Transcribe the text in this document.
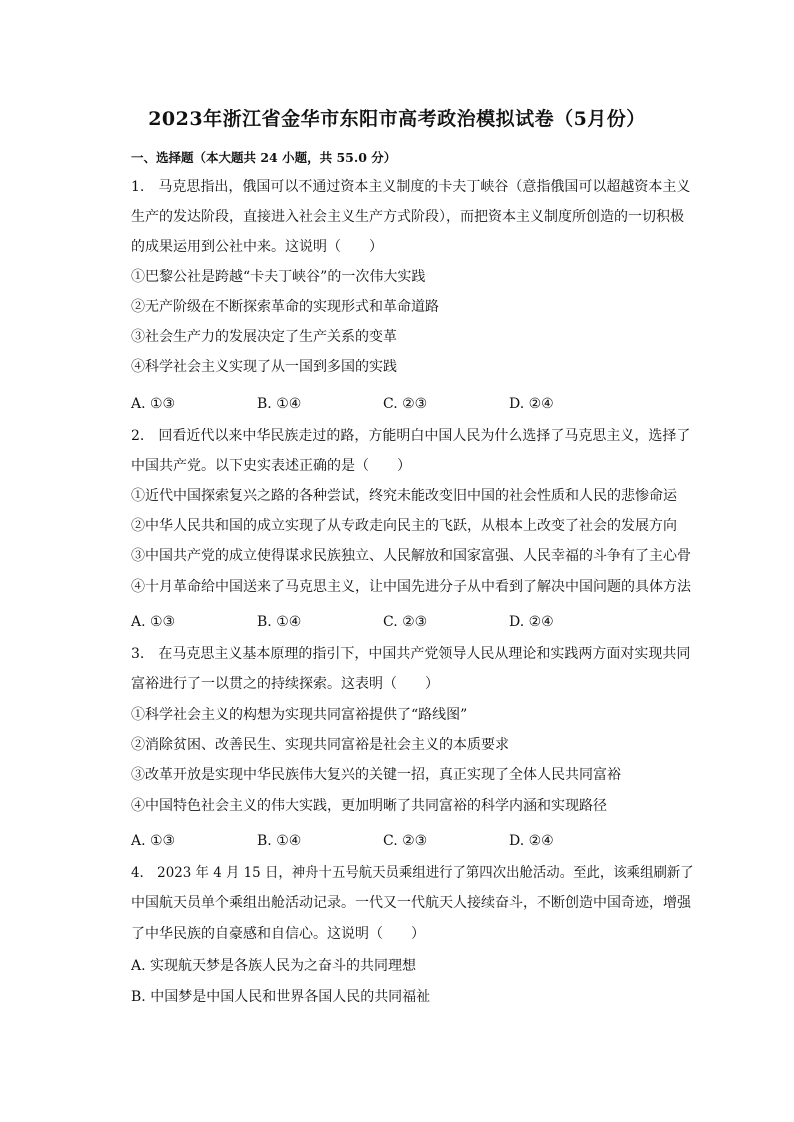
2023年浙江省金华市东阳市高考政治模拟试卷（5月份）
一、选择题（本大题共 24 小题，共 55.0 分）
1.　马克思指出，俄国可以不通过资本主义制度的卡夫丁峡谷（意指俄国可以超越资本主义
生产的发达阶段，直接进入社会主义生产方式阶段），而把资本主义制度所创造的一切积极
的成果运用到公社中来。这说明（　　）
①巴黎公社是跨越“卡夫丁峡谷”的一次伟大实践
②无产阶级在不断探索革命的实现形式和革命道路
③社会生产力的发展决定了生产关系的变革
④科学社会主义实现了从一国到多国的实践
A. ①③	B. ①④	C. ②③	D. ②④
2.　回看近代以来中华民族走过的路，方能明白中国人民为什么选择了马克思主义，选择了
中国共产党。以下史实表述正确的是（　　）
①近代中国探索复兴之路的各种尝试，终究未能改变旧中国的社会性质和人民的悲惨命运
②中华人民共和国的成立实现了从专政走向民主的飞跃，从根本上改变了社会的发展方向
③中国共产党的成立使得谋求民族独立、人民解放和国家富强、人民幸福的斗争有了主心骨
④十月革命给中国送来了马克思主义，让中国先进分子从中看到了解决中国问题的具体方法
A. ①③	B. ①④	C. ②③	D. ②④
3.　在马克思主义基本原理的指引下，中国共产党领导人民从理论和实践两方面对实现共同
富裕进行了一以贯之的持续探索。这表明（　　）
①科学社会主义的构想为实现共同富裕提供了“路线图”
②消除贫困、改善民生、实现共同富裕是社会主义的本质要求
③改革开放是实现中华民族伟大复兴的关键一招，真正实现了全体人民共同富裕
④中国特色社会主义的伟大实践，更加明晰了共同富裕的科学内涵和实现路径
A. ①③	B. ①④	C. ②③	D. ②④
4.　2023 年 4 月 15 日，神舟十五号航天员乘组进行了第四次出舱活动。至此，该乘组刷新了
中国航天员单个乘组出舱活动记录。一代又一代航天人接续奋斗，不断创造中国奇迹，增强
了中华民族的自豪感和自信心。这说明（　　）
A. 实现航天梦是各族人民为之奋斗的共同理想
B. 中国梦是中国人民和世界各国人民的共同福祉
